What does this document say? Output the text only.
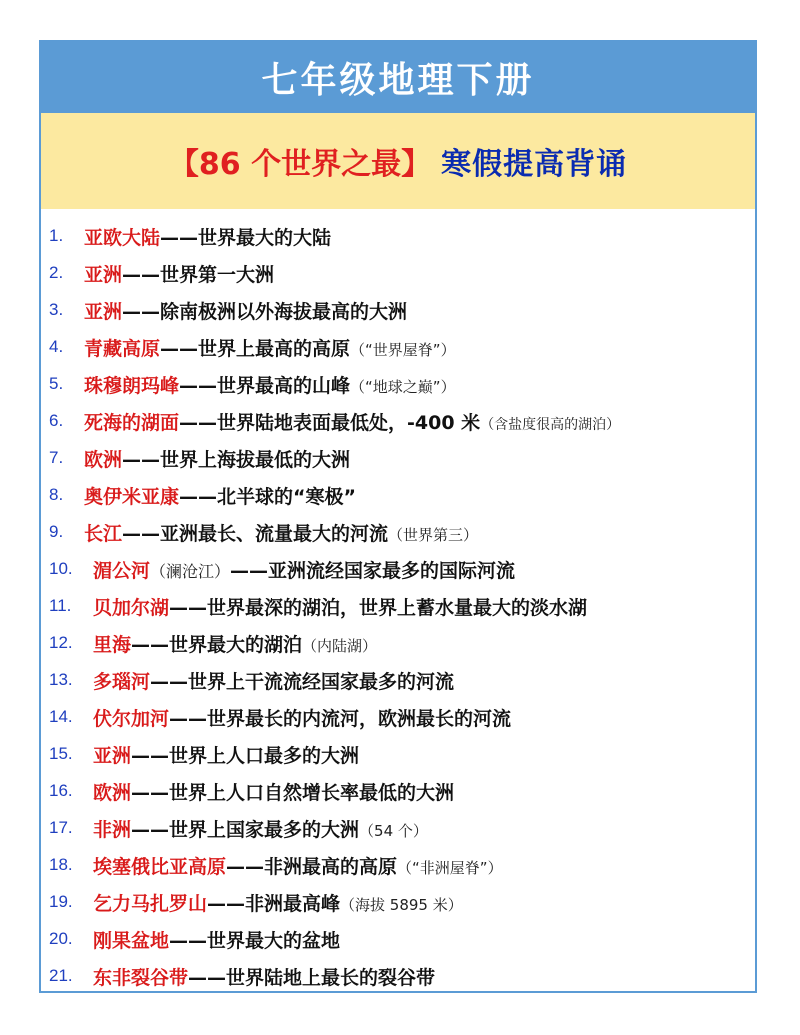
七年级地理下册
【86 个世界之最】 寒假提高背诵
1.	亚欧大陆——世界最大的大陆
2.	亚洲——世界第一大洲
3.	亚洲——除南极洲以外海拔最高的大洲
4.	青藏高原——世界上最高的高原（“世界屋脊”）
5.	珠穆朗玛峰——世界最高的山峰（“地球之巅”）
6.	死海的湖面——世界陆地表面最低处，-400 米（含盐度很高的湖泊）
7.	欧洲——世界上海拔最低的大洲
8.	奥伊米亚康——北半球的“寒极”
9.	长江——亚洲最长、流量最大的河流（世界第三）
10.	湄公河（澜沧江）——亚洲流经国家最多的国际河流
11.	贝加尔湖——世界最深的湖泊，世界上蓄水量最大的淡水湖
12.	里海——世界最大的湖泊（内陆湖）
13.	多瑙河——世界上干流流经国家最多的河流
14.	伏尔加河——世界最长的内流河，欧洲最长的河流
15.	亚洲——世界上人口最多的大洲
16.	欧洲——世界上人口自然增长率最低的大洲
17.	非洲——世界上国家最多的大洲（54 个）
18.	埃塞俄比亚高原——非洲最高的高原（“非洲屋脊”）
19.	乞力马扎罗山——非洲最高峰（海拔 5895 米）
20.	刚果盆地——世界最大的盆地
21.	东非裂谷带——世界陆地上最长的裂谷带
